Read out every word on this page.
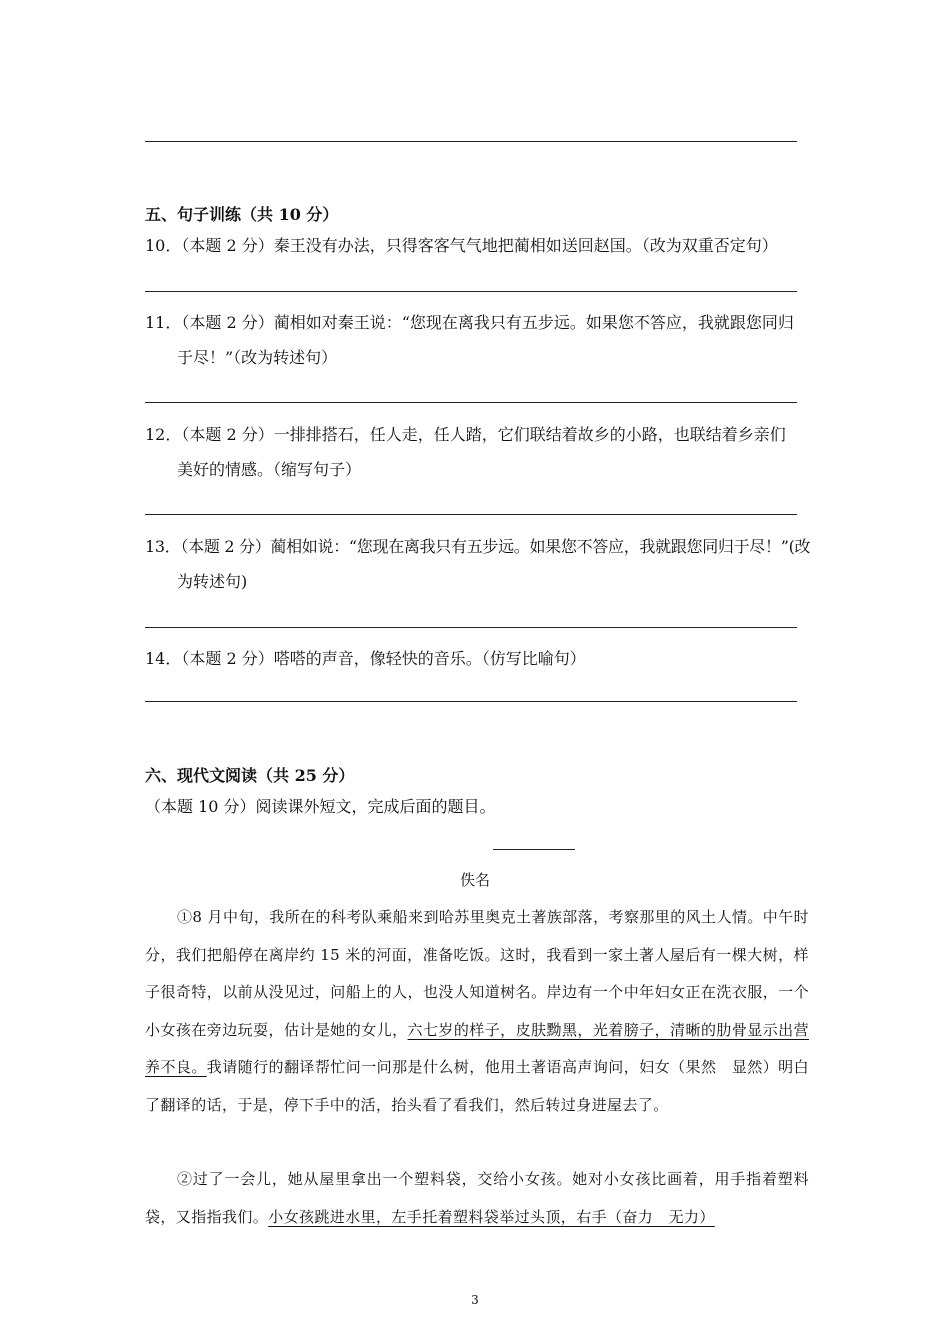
五、句子训练（共 10 分）
10．（本题 2 分）秦王没有办法，只得客客气气地把蔺相如送回赵国。（改为双重否定句）
11．（本题 2 分）蔺相如对秦王说：“您现在离我只有五步远。如果您不答应，我就跟您同归
于尽！”（改为转述句）
12．（本题 2 分）一排排搭石，任人走，任人踏，它们联结着故乡的小路，也联结着乡亲们
美好的情感。（缩写句子）
13．（本题 2 分）蔺相如说：“您现在离我只有五步远。如果您不答应，我就跟您同归于尽！”(改
为转述句)
14．（本题 2 分）嗒嗒的声音，像轻快的音乐。（仿写比喻句）
六、现代文阅读（共 25 分）
（本题 10 分）阅读课外短文，完成后面的题目。
佚名
①8 月中旬，我所在的科考队乘船来到哈苏里奥克土著族部落，考察那里的风土人情。中午时分，我们把船停在离岸约 15 米的河面，准备吃饭。这时，我看到一家土著人屋后有一棵大树，样子很奇特，以前从没见过，问船上的人，也没人知道树名。岸边有一个中年妇女正在洗衣服，一个小女孩在旁边玩耍，估计是她的女儿，六七岁的样子，皮肤黝黑，光着膀子，清晰的肋骨显示出营养不良。我请随行的翻译帮忙问一问那是什么树，他用土著语高声询问，妇女（果然　显然）明白了翻译的话，于是，停下手中的活，抬头看了看我们，然后转过身进屋去了。
②过了一会儿，她从屋里拿出一个塑料袋，交给小女孩。她对小女孩比画着，用手指着塑料袋，又指指我们。小女孩跳进水里，左手托着塑料袋举过头顶，右手（奋力　无力）
3
